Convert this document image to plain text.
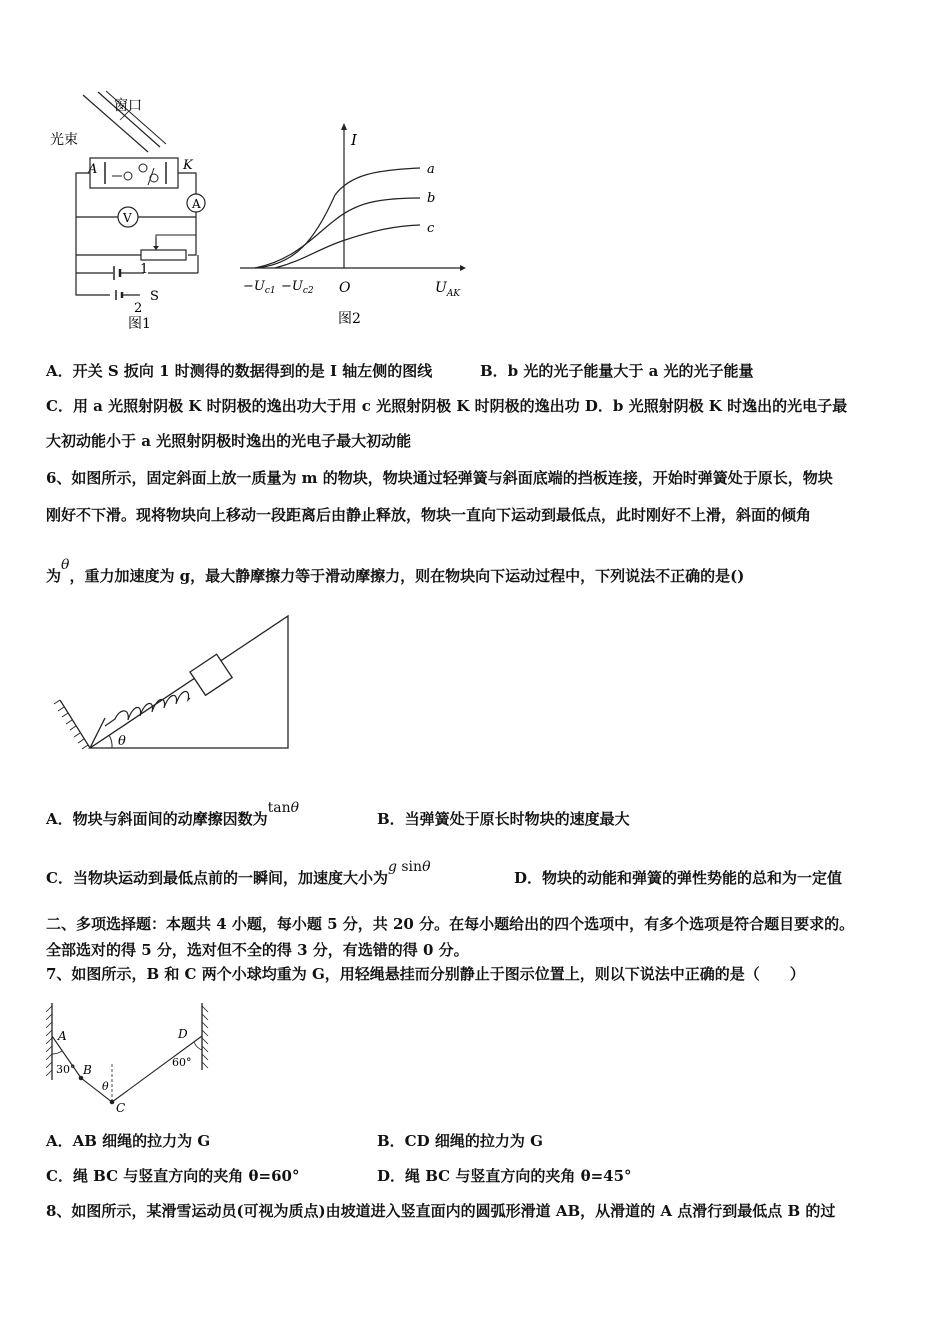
窗口
光束
A	K
A
V
1
2
S
图1
I
a
b
c
$-U_{c1} -U_{c2}$ O	$U_{AK}$
图2
A．开关 S 扳向 1 时测得的数据得到的是 I 轴左侧的图线	B．b 光的光子能量大于 a 光的光子能量
C．用 a 光照射阴极 K 时阴极的逸出功大于用 c 光照射阴极 K 时阴极的逸出功 D．b 光照射阴极 K 时逸出的光电子最
大初动能小于 a 光照射阴极时逸出的光电子最大初动能
6、如图所示，固定斜面上放一质量为 m 的物块，物块通过轻弹簧与斜面底端的挡板连接，开始时弹簧处于原长，物块
刚好不下滑。现将物块向上移动一段距离后由静止释放，物块一直向下运动到最低点，此时刚好不上滑，斜面的倾角
为θ，重力加速度为 g，最大静摩擦力等于滑动摩擦力，则在物块向下运动过程中，下列说法不正确的是()
θ
A．物块与斜面间的动摩擦因数为tanθ
B．当弹簧处于原长时物块的速度最大
C．当物块运动到最低点前的一瞬间，加速度大小为g sinθ
D．物块的动能和弹簧的弹性势能的总和为一定值
二、多项选择题：本题共 4 小题，每小题 5 分，共 20 分。在每小题给出的四个选项中，有多个选项是符合题目要求的。
全部选对的得 5 分，选对但不全的得 3 分，有选错的得 0 分。
7、如图所示，B 和 C 两个小球均重为 G，用轻绳悬挂而分别静止于图示位置上，则以下说法中正确的是（　　）
A
B
C
D
30°
60°
θ
A．AB 细绳的拉力为 G	B．CD 细绳的拉力为 G
C．绳 BC 与竖直方向的夹角 θ=60°	D．绳 BC 与竖直方向的夹角 θ=45°
8、如图所示，某滑雪运动员(可视为质点)由坡道进入竖直面内的圆弧形滑道 AB，从滑道的 A 点滑行到最低点 B 的过
